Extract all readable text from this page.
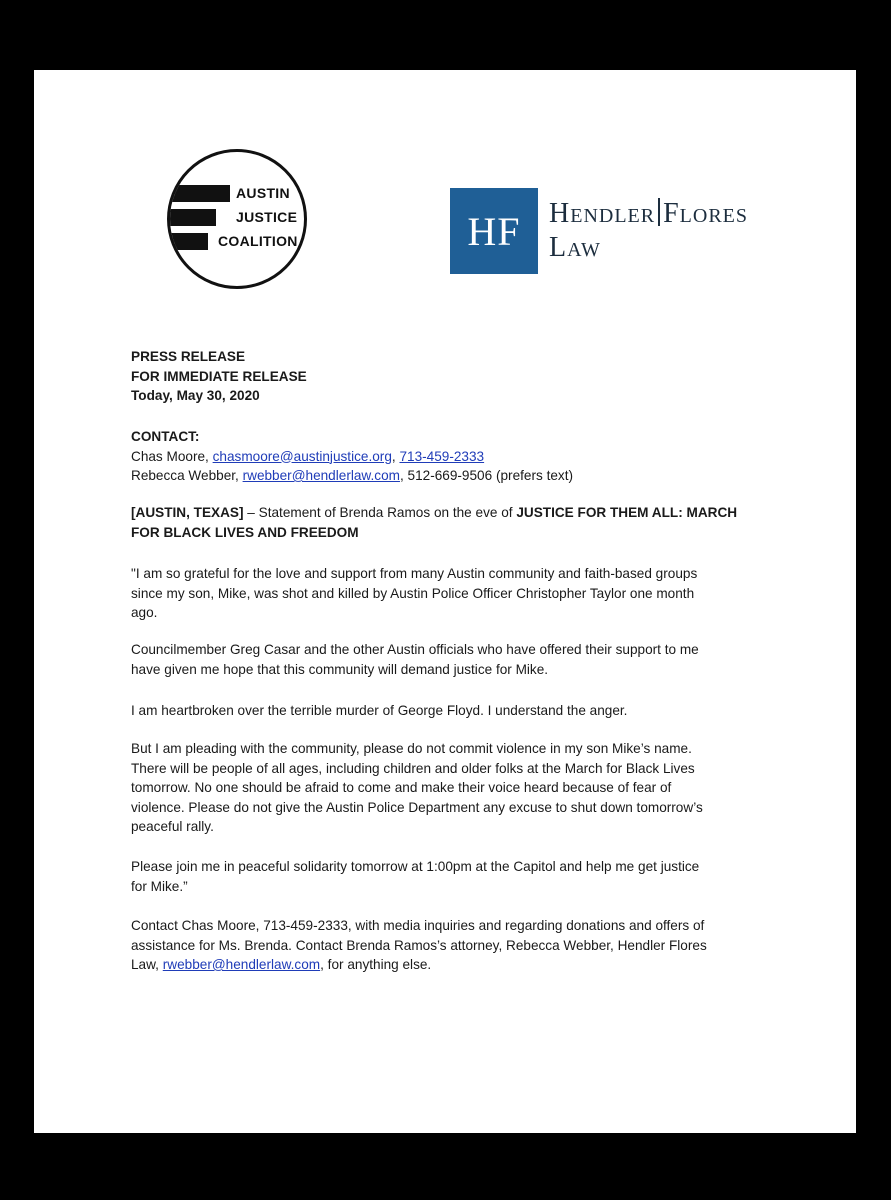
AUSTIN
JUSTICE
COALITION	HF	Hendler Flores
Law
PRESS RELEASE
FOR IMMEDIATE RELEASE
Today, May 30, 2020
CONTACT:
Chas Moore, chasmoore@austinjustice.org, 713-459-2333
Rebecca Webber, rwebber@hendlerlaw.com, 512-669-9506 (prefers text)
[AUSTIN, TEXAS] – Statement of Brenda Ramos on the eve of JUSTICE FOR THEM ALL: MARCH
FOR BLACK LIVES AND FREEDOM
"I am so grateful for the love and support from many Austin community and faith-based groups
since my son, Mike, was shot and killed by Austin Police Officer Christopher Taylor one month
ago.
Councilmember Greg Casar and the other Austin officials who have offered their support to me
have given me hope that this community will demand justice for Mike.
I am heartbroken over the terrible murder of George Floyd. I understand the anger.
But I am pleading with the community, please do not commit violence in my son Mike’s name.
There will be people of all ages, including children and older folks at the March for Black Lives
tomorrow. No one should be afraid to come and make their voice heard because of fear of
violence. Please do not give the Austin Police Department any excuse to shut down tomorrow’s
peaceful rally.
Please join me in peaceful solidarity tomorrow at 1:00pm at the Capitol and help me get justice
for Mike.”
Contact Chas Moore, 713-459-2333, with media inquiries and regarding donations and offers of
assistance for Ms. Brenda. Contact Brenda Ramos’s attorney, Rebecca Webber, Hendler Flores
Law, rwebber@hendlerlaw.com, for anything else.
